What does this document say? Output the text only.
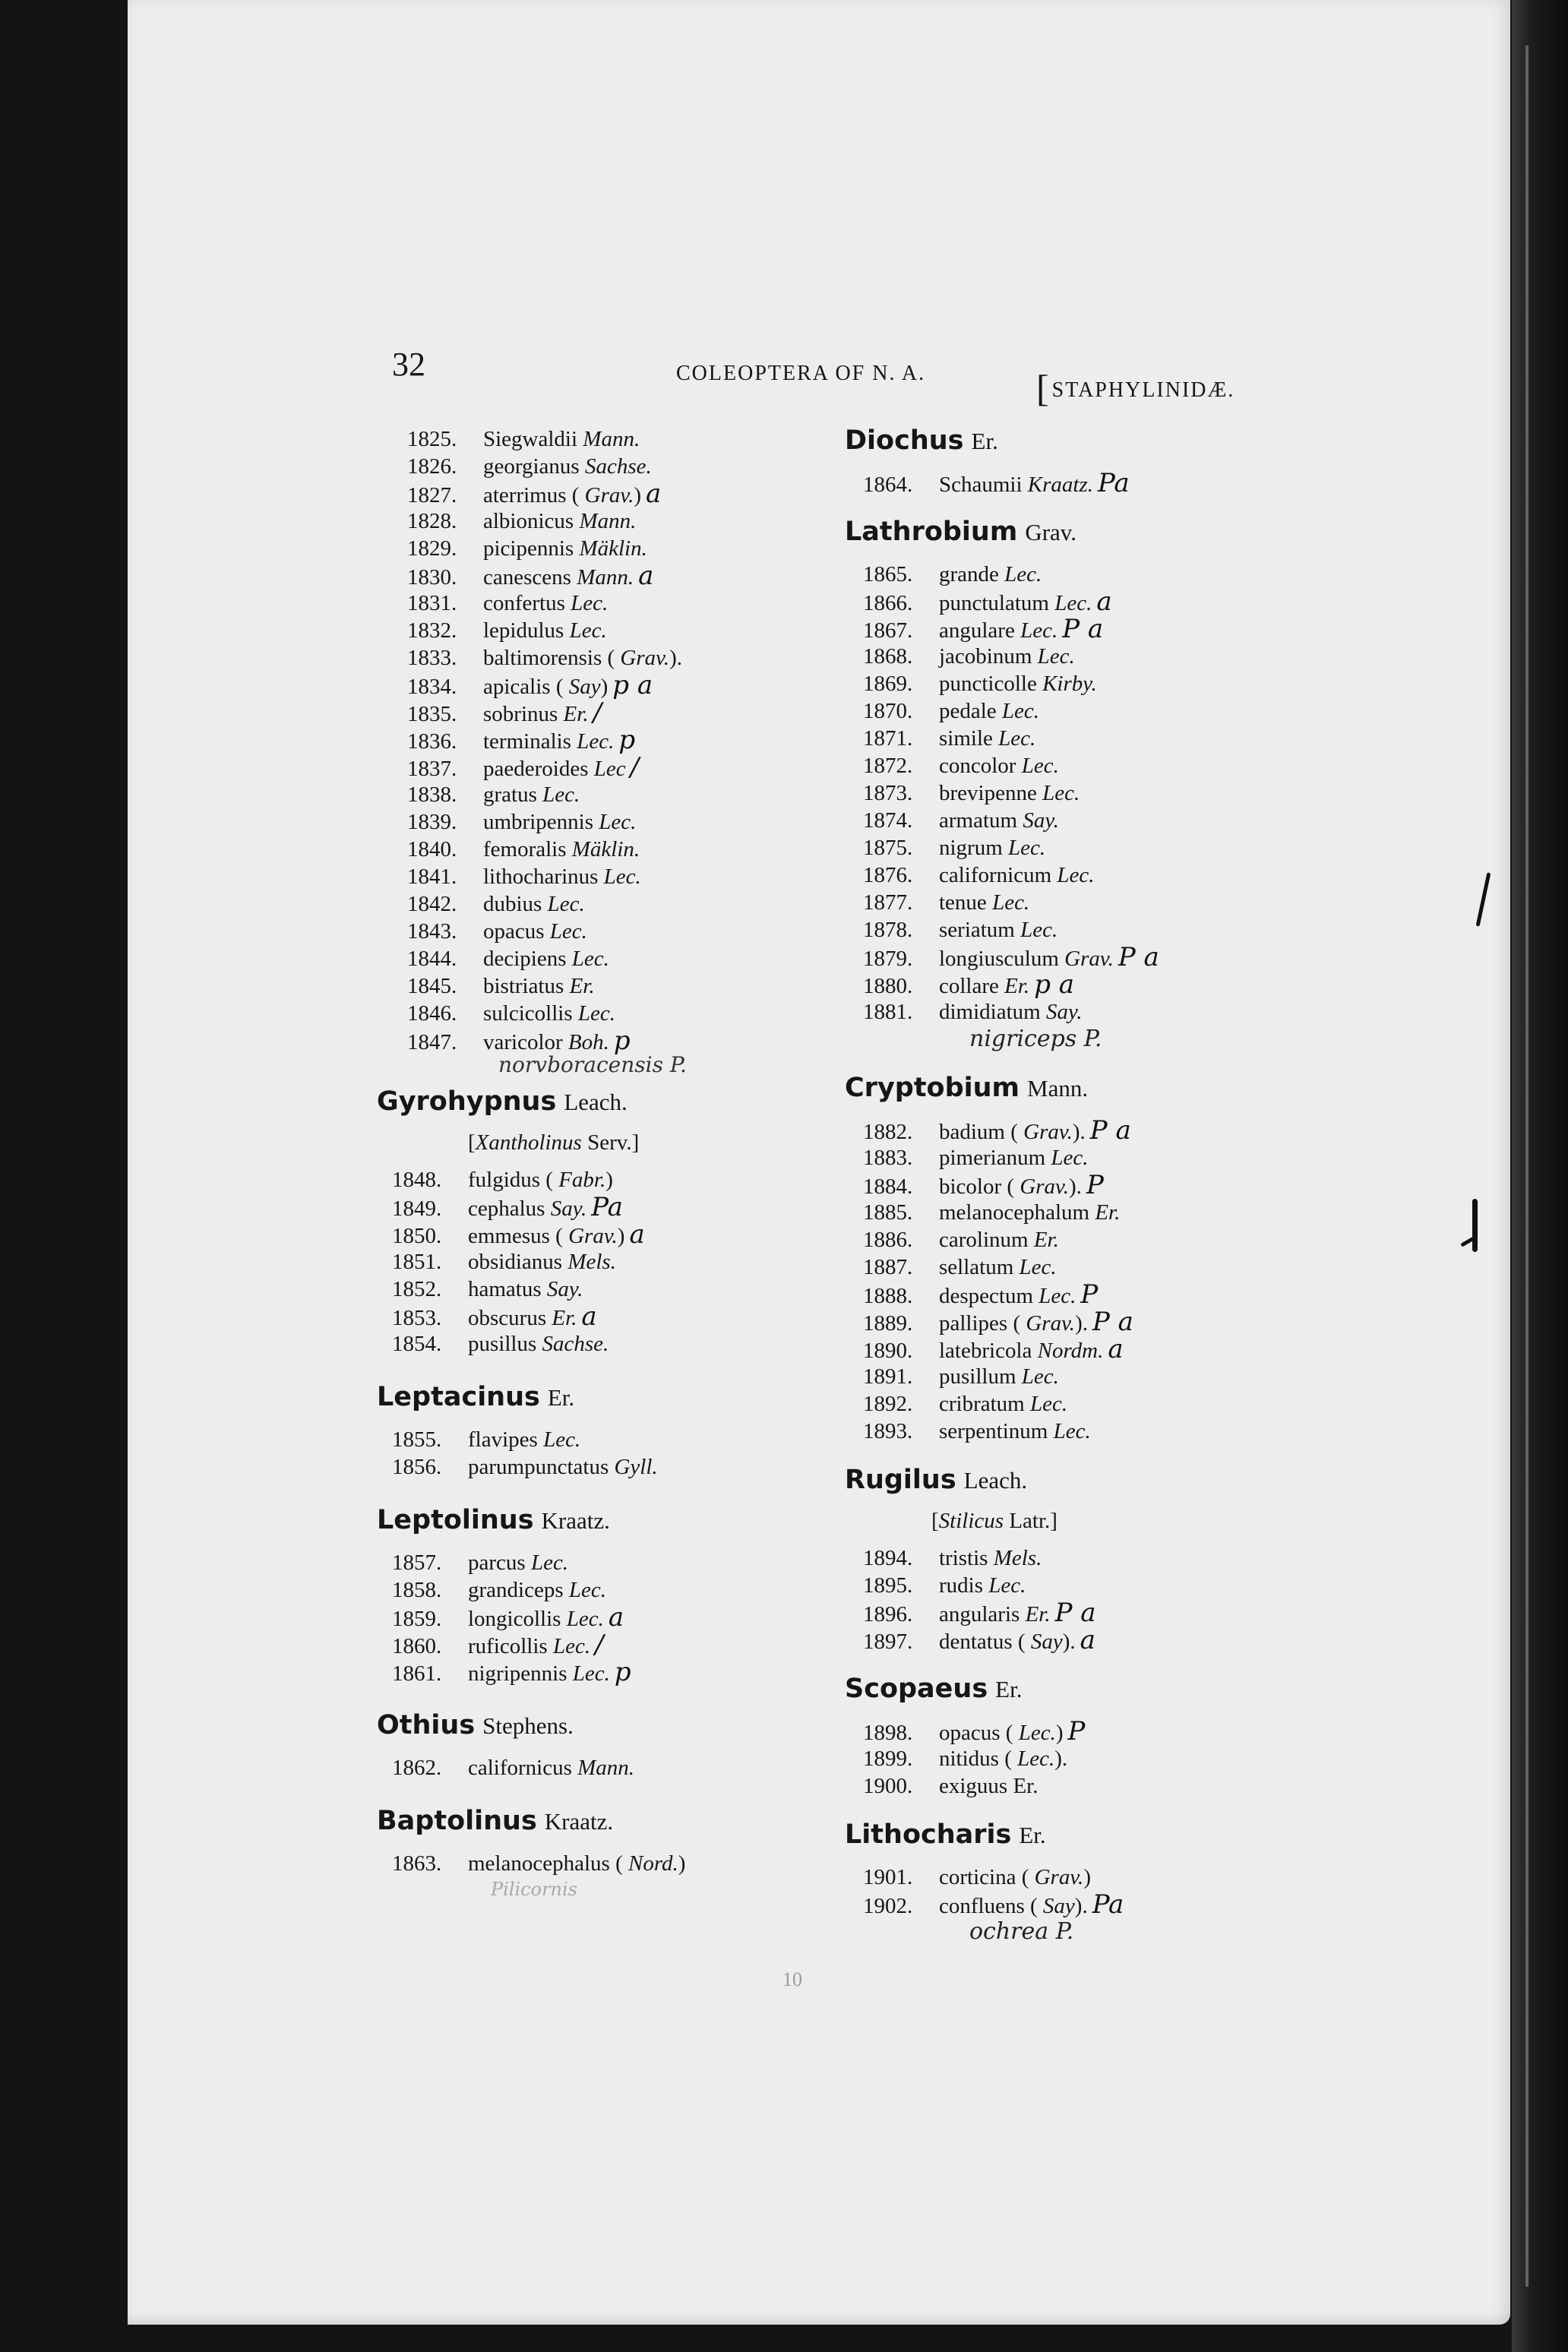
32	COLEOPTERA OF N. A.	[STAPHYLINIDÆ.
1825. Siegwaldii Mann.
1826. georgianus Sachse.
1827. aterrimus ( Grav.) a
1828. albionicus Mann.
1829. picipennis Mäklin.
1830. canescens Mann. a
1831. confertus Lec.
1832. lepidulus Lec.
1833. baltimorensis ( Grav.).
1834. apicalis ( Say) p a
1835. sobrinus Er. /
1836. terminalis Lec. p
1837. paederoides Lec /
1838. gratus Lec.
1839. umbripennis Lec.
1840. femoralis Mäklin.
1841. lithocharinus Lec.
1842. dubius Lec.
1843. opacus Lec.
1844. decipiens Lec.
1845. bistriatus Er.
1846. sulcicollis Lec.
1847. varicolor Boh. p
norvboracensis P.
Gyrohypnus Leach.
[Xantholinus Serv.]
1848. fulgidus ( Fabr.)
1849. cephalus Say. Pa
1850. emmesus ( Grav.) a
1851. obsidianus Mels.
1852. hamatus Say.
1853. obscurus Er. a
1854. pusillus Sachse.
Leptacinus Er.
1855. flavipes Lec.
1856. parumpunctatus Gyll.
Leptolinus Kraatz.
1857. parcus Lec.
1858. grandiceps Lec.
1859. longicollis Lec. a
1860. ruficollis Lec. /
1861. nigripennis Lec. p
Othius Stephens.
1862. californicus Mann.
Baptolinus Kraatz.
1863. melanocephalus ( Nord.)
Pilicornis
Diochus Er.
1864. Schaumii Kraatz. Pa
Lathrobium Grav.
1865. grande Lec.
1866. punctulatum Lec. a
1867. angulare Lec. P a
1868. jacobinum Lec.
1869. puncticolle Kirby.
1870. pedale Lec.
1871. simile Lec.
1872. concolor Lec.
1873. brevipenne Lec.
1874. armatum Say.
1875. nigrum Lec.
1876. californicum Lec.
1877. tenue Lec.
1878. seriatum Lec.
1879. longiusculum Grav. P a
1880. collare Er. p a
1881. dimidiatum Say.
nigriceps P.
Cryptobium Mann.
1882. badium ( Grav.). P a
1883. pimerianum Lec.
1884. bicolor ( Grav.). P
1885. melanocephalum Er.
1886. carolinum Er.
1887. sellatum Lec.
1888. despectum Lec. P
1889. pallipes ( Grav.). P a
1890. latebricola Nordm. a
1891. pusillum Lec.
1892. cribratum Lec.
1893. serpentinum Lec.
Rugilus Leach.
[Stilicus Latr.]
1894. tristis Mels.
1895. rudis Lec.
1896. angularis Er. P a
1897. dentatus ( Say). a
Scopaeus Er.
1898. opacus ( Lec.) P
1899. nitidus ( Lec.).
1900. exiguus Er.
Lithocharis Er.
1901. corticina ( Grav.)
1902. confluens ( Say). Pa
ochrea P.
10
